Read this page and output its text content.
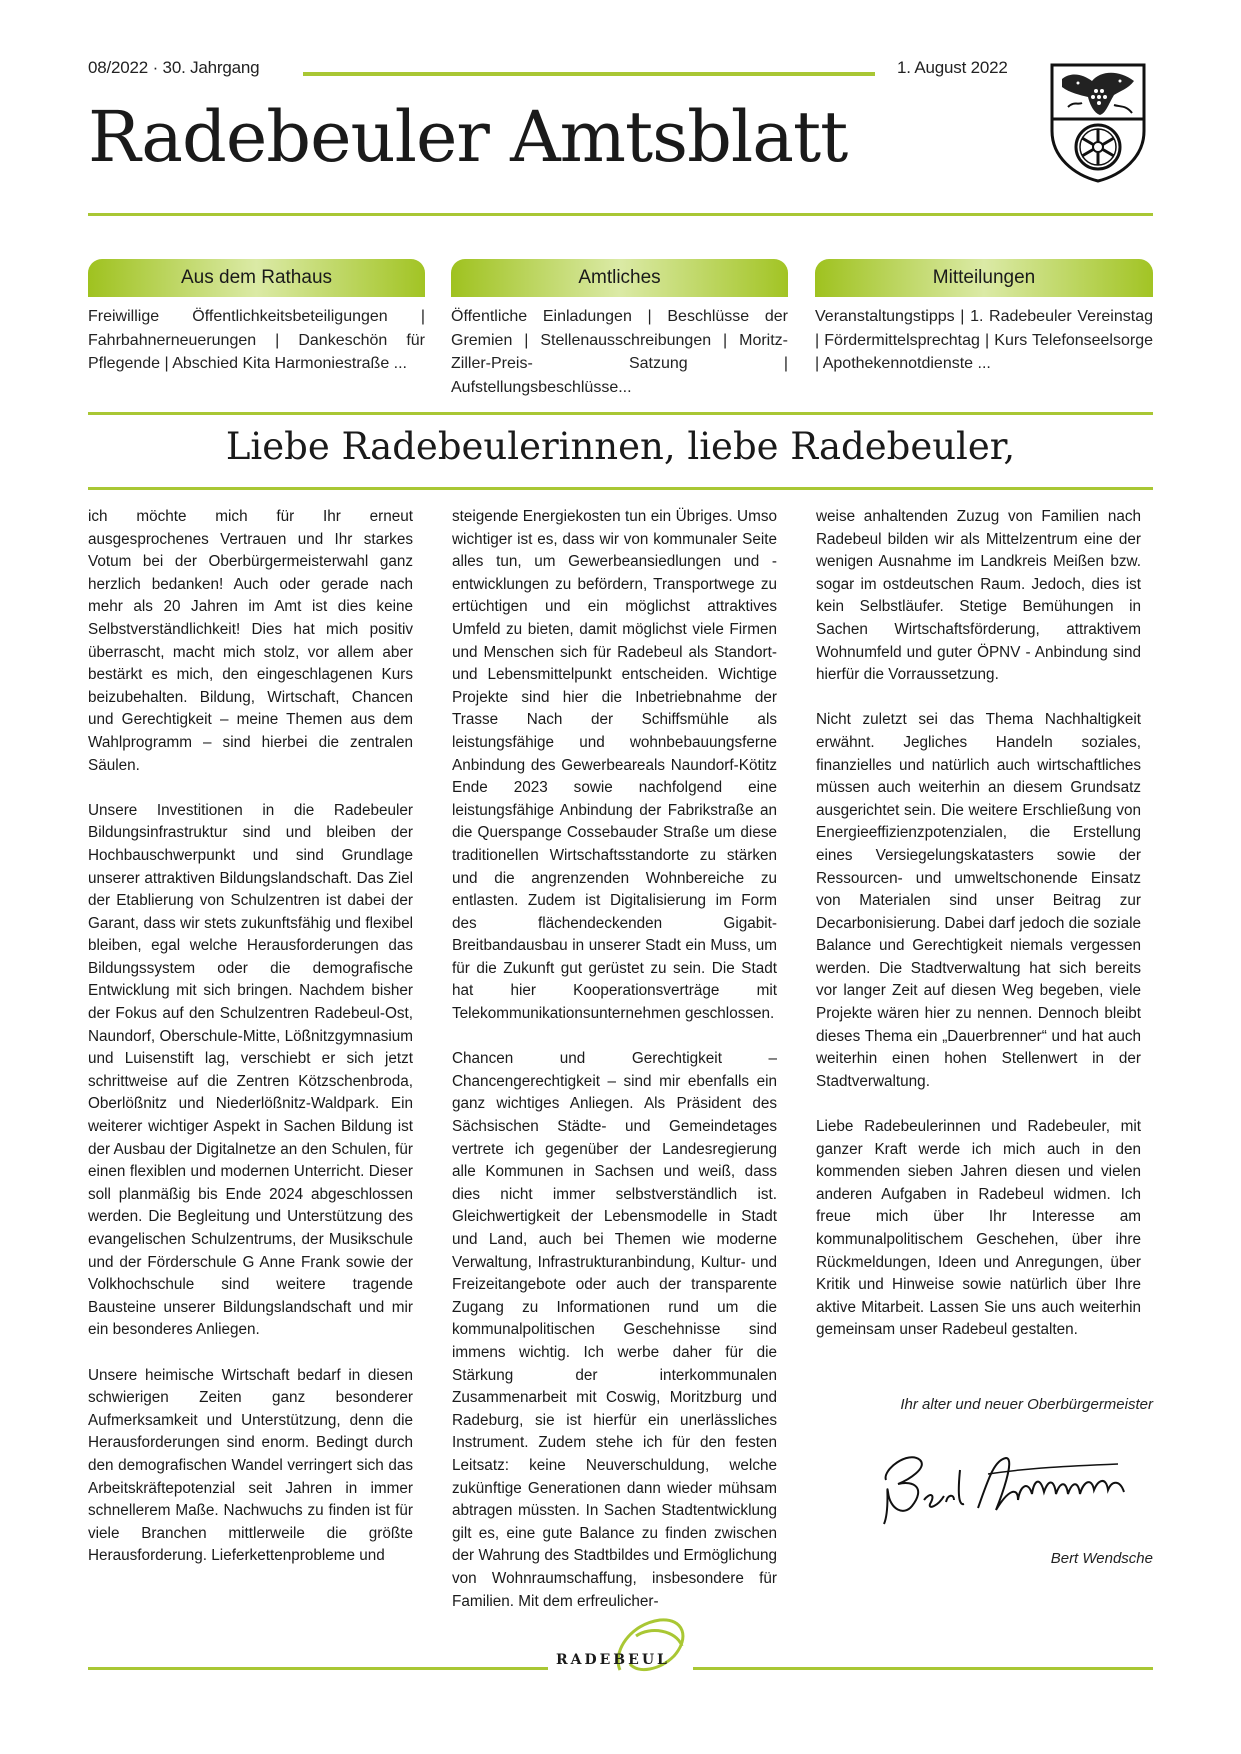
08/2022 · 30. Jahrgang	1. August 2022
Radebeuler Amtsblatt
Aus dem Rathaus
Freiwillige Öffentlichkeitsbeteiligungen | Fahrbahnerneuerungen | Dankeschön für Pflegende | Abschied Kita Harmoniestraße ...
Amtliches
Öffentliche Einladungen | Beschlüsse der Gremien | Stellenausschreibungen | Moritz-Ziller-Preis- Satzung | Aufstellungsbeschlüsse...
Mitteilungen
Veranstaltungstipps | 1. Radebeuler Vereinstag | Fördermittelsprechtag | Kurs Telefonseelsorge | Apothekennotdienste ...
Liebe Radebeulerinnen, liebe Radebeuler,

ich möchte mich für Ihr erneut ausgesprochenes Vertrauen und Ihr starkes Votum bei der Oberbürgermeisterwahl ganz herzlich bedanken! Auch oder gerade nach mehr als 20 Jahren im Amt ist dies keine Selbstverständlichkeit! Dies hat mich positiv überrascht, macht mich stolz, vor allem aber bestärkt es mich, den eingeschlagenen Kurs beizubehalten. Bildung, Wirtschaft, Chancen und Gerechtigkeit – meine Themen aus dem Wahlprogramm – sind hierbei die zentralen Säulen.

Unsere Investitionen in die Radebeuler Bildungsinfrastruktur sind und bleiben der Hochbauschwerpunkt und sind Grundlage unserer attraktiven Bildungslandschaft. Das Ziel der Etablierung von Schulzentren ist dabei der Garant, dass wir stets zukunftsfähig und flexibel bleiben, egal welche Herausforderungen das Bildungssystem oder die demografische Entwicklung mit sich bringen. Nachdem bisher der Fokus auf den Schulzentren Radebeul-Ost, Naundorf, Oberschule-Mitte, Lößnitzgymnasium und Luisenstift lag, verschiebt er sich jetzt schrittweise auf die Zentren Kötzschenbroda, Oberlößnitz und Niederlößnitz-Waldpark. Ein weiterer wichtiger Aspekt in Sachen Bildung ist der Ausbau der Digitalnetze an den Schulen, für einen flexiblen und modernen Unterricht. Dieser soll planmäßig bis Ende 2024 abgeschlossen werden. Die Begleitung und Unterstützung des evangelischen Schulzentrums, der Musikschule und der Förderschule G Anne Frank sowie der Volkhochschule sind weitere tragende Bausteine unserer Bildungslandschaft und mir ein besonderes Anliegen.

Unsere heimische Wirtschaft bedarf in diesen schwierigen Zeiten ganz besonderer Aufmerksamkeit und Unterstützung, denn die Herausforderungen sind enorm. Bedingt durch den demografischen Wandel verringert sich das Arbeitskräftepotenzial seit Jahren in immer schnellerem Maße. Nachwuchs zu finden ist für viele Branchen mittlerweile die größte Herausforderung. Lieferkettenprobleme und

steigende Energiekosten tun ein Übriges. Umso wichtiger ist es, dass wir von kommunaler Seite alles tun, um Gewerbeansiedlungen und -entwicklungen zu befördern, Transportwege zu ertüchtigen und ein möglichst attraktives Umfeld zu bieten, damit möglichst viele Firmen und Menschen sich für Radebeul als Standort- und Lebensmittelpunkt entscheiden. Wichtige Projekte sind hier die Inbetriebnahme der Trasse Nach der Schiffsmühle als leistungsfähige und wohnbebauungsferne Anbindung des Gewerbeareals Naundorf-Kötitz Ende 2023 sowie nachfolgend eine leistungsfähige Anbindung der Fabrikstraße an die Querspange Cossebauder Straße um diese traditionellen Wirtschaftsstandorte zu stärken und die angrenzenden Wohnbereiche zu entlasten. Zudem ist Digitalisierung im Form des flächendeckenden Gigabit-Breitbandausbau in unserer Stadt ein Muss, um für die Zukunft gut gerüstet zu sein. Die Stadt hat hier Kooperationsverträge mit Telekommunikationsunternehmen geschlossen.

Chancen und Gerechtigkeit – Chancengerechtigkeit – sind mir ebenfalls ein ganz wichtiges Anliegen. Als Präsident des Sächsischen Städte- und Gemeindetages vertrete ich gegenüber der Landesregierung alle Kommunen in Sachsen und weiß, dass dies nicht immer selbstverständlich ist. Gleichwertigkeit der Lebensmodelle in Stadt und Land, auch bei Themen wie moderne Verwaltung, Infrastrukturanbindung, Kultur- und Freizeitangebote oder auch der transparente Zugang zu Informationen rund um die kommunalpolitischen Geschehnisse sind immens wichtig. Ich werbe daher für die Stärkung der interkommunalen Zusammenarbeit mit Coswig, Moritzburg und Radeburg, sie ist hierfür ein unerlässliches Instrument. Zudem stehe ich für den festen Leitsatz: keine Neuverschuldung, welche zukünftige Generationen dann wieder mühsam abtragen müssten. In Sachen Stadtentwicklung gilt es, eine gute Balance zu finden zwischen der Wahrung des Stadtbildes und Ermöglichung von Wohnraumschaffung, insbesondere für Familien. Mit dem erfreulicher-

weise anhaltenden Zuzug von Familien nach Radebeul bilden wir als Mittelzentrum eine der wenigen Ausnahme im Landkreis Meißen bzw. sogar im ostdeutschen Raum. Jedoch, dies ist kein Selbstläufer. Stetige Bemühungen in Sachen Wirtschaftsförderung, attraktivem Wohnumfeld und guter ÖPNV - Anbindung sind hierfür die Vorraussetzung.

Nicht zuletzt sei das Thema Nachhaltigkeit erwähnt. Jegliches Handeln soziales, finanzielles und natürlich auch wirtschaftliches müssen auch weiterhin an diesem Grundsatz ausgerichtet sein. Die weitere Erschließung von Energieeffizienzpotenzialen, die Erstellung eines Versiegelungskatasters sowie der Ressourcen- und umweltschonende Einsatz von Materialen sind unser Beitrag zur Decarbonisierung. Dabei darf jedoch die soziale Balance und Gerechtigkeit niemals vergessen werden. Die Stadtverwaltung hat sich bereits vor langer Zeit auf diesen Weg begeben, viele Projekte wären hier zu nennen. Dennoch bleibt dieses Thema ein „Dauerbrenner“ und hat auch weiterhin einen hohen Stellenwert in der Stadtverwaltung.

Liebe Radebeulerinnen und Radebeuler, mit ganzer Kraft werde ich mich auch in den kommenden sieben Jahren diesen und vielen anderen Aufgaben in Radebeul widmen. Ich freue mich über Ihr Interesse am kommunalpolitischem Geschehen, über ihre Rückmeldungen, Ideen und Anregungen, über Kritik und Hinweise sowie natürlich über Ihre aktive Mitarbeit. Lassen Sie uns auch weiterhin gemeinsam unser Radebeul gestalten.

Ihr alter und neuer Oberbürgermeister
Bert Wendsche
RADEBEUL
